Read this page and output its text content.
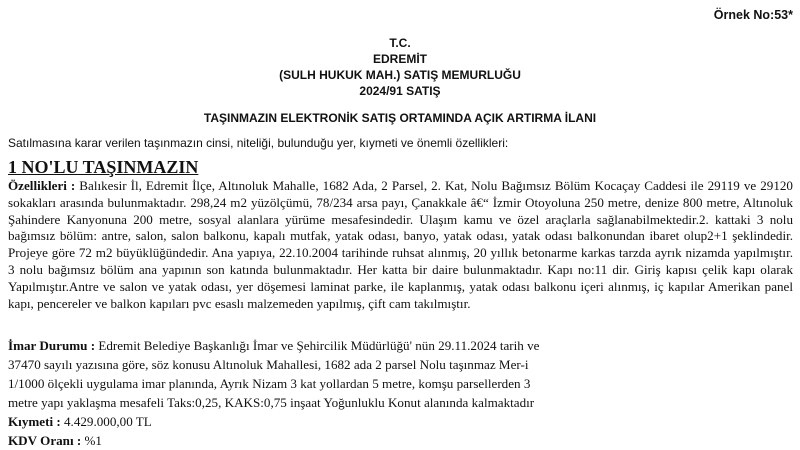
Örnek No:53*
T.C.
EDREMİT
(SULH HUKUK MAH.) SATIŞ MEMURLUĞU
2024/91 SATIŞ
TAŞINMAZIN ELEKTRONİK SATIŞ ORTAMINDA AÇIK ARTIRMA İLANI
Satılmasına karar verilen taşınmazın cinsi, niteliği, bulunduğu yer, kıymeti ve önemli özellikleri:
1 NO'LU TAŞINMAZIN
Özellikleri : Balıkesir İl, Edremit İlçe, Altınoluk Mahalle, 1682 Ada, 2 Parsel, 2. Kat, Nolu Bağımsız Bölüm Kocaçay Caddesi ile 29119 ve 29120 sokakları arasında bulunmaktadır. 298,24 m2 yüzölçümü, 78/234 arsa payı, Çanakkale â€“ İzmir Otoyoluna 250 metre, denize 800 metre, Altınoluk Şahindere Kanyonuna 200 metre, sosyal alanlara yürüme mesafesindedir. Ulaşım kamu ve özel araçlarla sağlanabilmektedir.2. kattaki 3 nolu bağımsız bölüm: antre, salon, salon balkonu, kapalı mutfak, yatak odası, banyo, yatak odası, yatak odası balkonundan ibaret olup2+1 şeklindedir. Projeye göre 72 m2 büyüklüğündedir. Ana yapıya, 22.10.2004 tarihinde ruhsat alınmış, 20 yıllık betonarme karkas tarzda ayrık nizamda yapılmıştır. 3 nolu bağımsız bölüm ana yapının son katında bulunmaktadır. Her katta bir daire bulunmaktadır. Kapı no:11 dir. Giriş kapısı çelik kapı olarak Yapılmıştır.Antre ve salon ve yatak odası, yer döşemesi laminat parke, ile kaplanmış, yatak odası balkonu içeri alınmış, iç kapılar Amerikan panel kapı, pencereler ve balkon kapıları pvc esaslı malzemeden yapılmış, çift cam takılmıştır.
İmar Durumu : Edremit Belediye Başkanlığı İmar ve Şehircilik Müdürlüğü' nün 29.11.2024 tarih ve
37470 sayılı yazısına göre, söz konusu Altınoluk Mahallesi, 1682 ada 2 parsel Nolu taşınmaz Mer-i
1/1000 ölçekli uygulama imar planında, Ayrık Nizam 3 kat yollardan 5 metre, komşu parsellerden 3
metre yapı yaklaşma mesafeli Taks:0,25, KAKS:0,75 inşaat Yoğunluklu Konut alanında kalmaktadır
Kıymeti : 4.429.000,00 TL
KDV Oranı : %1
